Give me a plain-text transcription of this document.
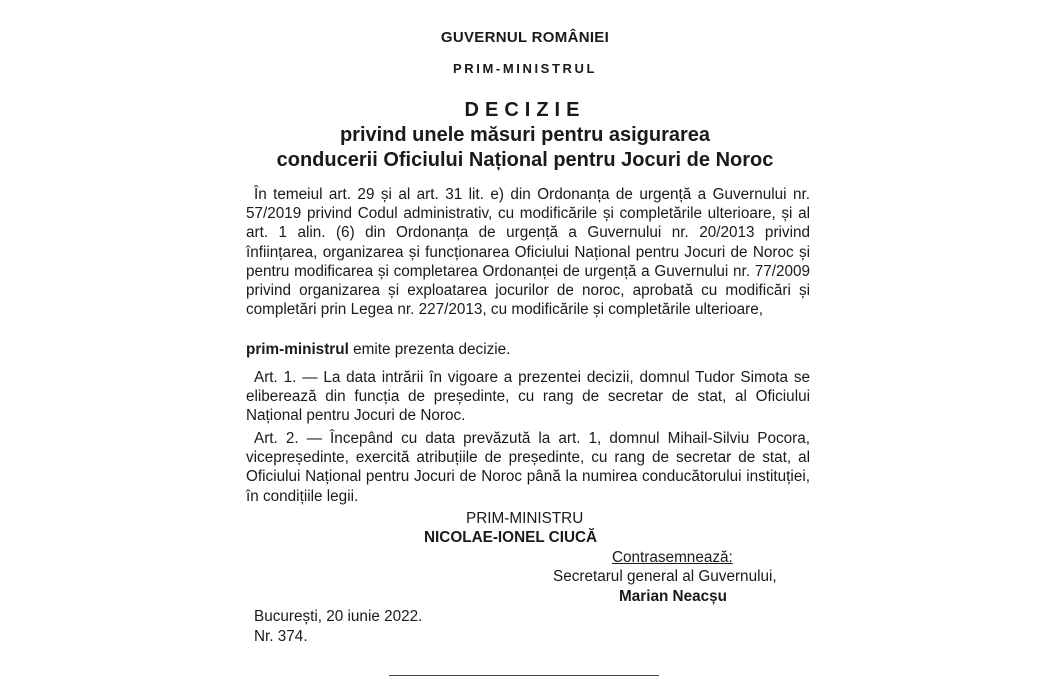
GUVERNUL ROMÂNIEI
PRIM-MINISTRUL
DECIZIE
privind unele măsuri pentru asigurarea
conducerii Oficiului Național pentru Jocuri de Noroc

În temeiul art. 29 și al art. 31 lit. e) din Ordonanța de urgență a Guvernului nr. 57/2019 privind Codul administrativ, cu modificările și completările ulterioare, și al art. 1 alin. (6) din Ordonanța de urgență a Guvernului nr. 20/2013 privind înființarea, organizarea și funcționarea Oficiului Național pentru Jocuri de Noroc și pentru modificarea și completarea Ordonanței de urgență a Guvernului nr. 77/2009 privind organizarea și exploatarea jocurilor de noroc, aprobată cu modificări și completări prin Legea nr. 227/2013, cu modificările și completările ulterioare,

prim-ministrul emite prezenta decizie.

Art. 1. — La data intrării în vigoare a prezentei decizii, domnul Tudor Simota se eliberează din funcția de președinte, cu rang de secretar de stat, al Oficiului Național pentru Jocuri de Noroc.

Art. 2. — Începând cu data prevăzută la art. 1, domnul Mihail-Silviu Pocora, vicepreședinte, exercită atribuțiile de președinte, cu rang de secretar de stat, al Oficiului Național pentru Jocuri de Noroc până la numirea conducătorului instituției, în condițiile legii.

PRIM-MINISTRU
NICOLAE-IONEL CIUCĂ
Contrasemnează:
Secretarul general al Guvernului,
Marian Neacșu
București, 20 iunie 2022.
Nr. 374.
